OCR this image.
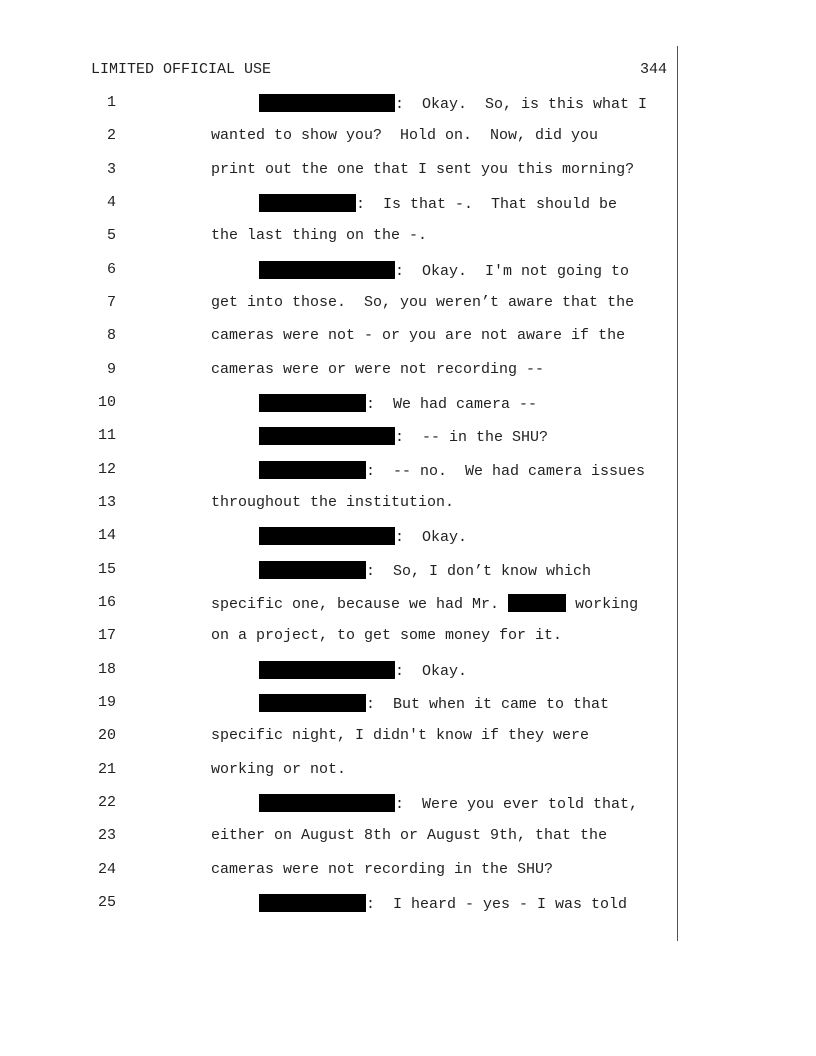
LIMITED OFFICIAL USE	344
1	:  Okay.  So, is this what I
2	wanted to show you?  Hold on.  Now, did you
3	print out the one that I sent you this morning?
4	:  Is that -.  That should be
5	the last thing on the -.
6	:  Okay.  I'm not going to
7	get into those.  So, you weren’t aware that the
8	cameras were not - or you are not aware if the
9	cameras were or were not recording --
10	:  We had camera --
11	:  -- in the SHU?
12	:  -- no.  We had camera issues
13	throughout the institution.
14	:  Okay.
15	:  So, I don’t know which
16	specific one, because we had Mr.	working
17	on a project, to get some money for it.
18	:  Okay.
19	:  But when it came to that
20	specific night, I didn't know if they were
21	working or not.
22	:  Were you ever told that,
23	either on August 8th or August 9th, that the
24	cameras were not recording in the SHU?
25	:  I heard - yes - I was told
